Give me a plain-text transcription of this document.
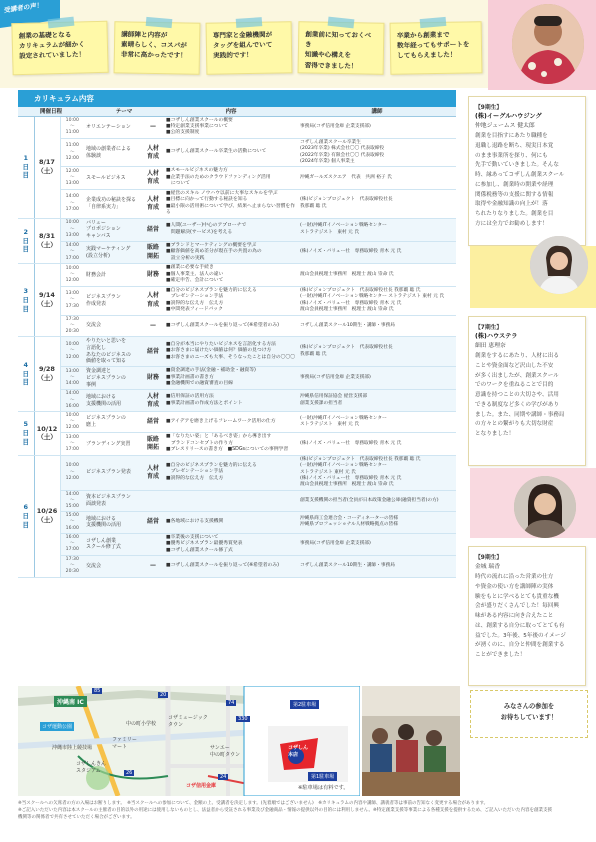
受講者の声！
創業の基礎となる
カリキュラムが細かく
設定されていました！
講師陣と内容が
素晴らしく、コスパが
非常に高かったです！
専門家と金融機関が
タッグを組んでいて
実践的です！
創業前に知っておくべき
知識や心構えを
習得できました！
卒業から創業まで
数年経ってもサポートを
してもらえました！
【9期生】
(株)イーグルハウジング
仲地ジェームス 健太郎
創業を目指すにあたり職種を
退職し退路を断ち、現実日本覚
のまま事業所を探り、何にも
先手で動いていきました。そんな
時、縁あってコザしん創業スクール
に参加し、創業時の開業や経理
関係税務等の支援に関する情報
取得や金融知識の向上が！落
ちれたりなりました。創業を目
方には全力でお勧めします！
【7期生】
(株)ハウステラ
細田 恵理奈
創業をするにあたり、人材に出る
ことや資金面など沢山した不安
が多く出ましたが、創業スクール
でのワークを重ねることで目的
意識を持つことの大切さや、活用
できる制度など多くの学びがあり
ました。また、同期や講師・事務局
の方々との繋がりも大切な財産
となりました！
【9期生】
金城 瑞香
時代の流れに沿った営業の仕方
や資金の使い方を講師陣の実体
験をもとに学べるとても貴重な機
会が盛りだくさんでした！毎回興
味がある内容に向き合えたこと
は、創業する自分に取ってとても有
益でした。3年後、5年後のイメージ
が湧くのに、自分と仲間を創業する
ことができました！
カリキュラム内容
開催日程			テーマ		内容	講師
1
日
目	8/17
（土）	10:00
〜
11:00	オリエンテーション	—	■コザしん創業スクールの概要
■特定創業支援事業について
■公的支援制度	事務局(コザ信用金庫 企業支援部)
		11:00
〜
12:00	地域の創業者による
体験談	人材
育成	■コザしん創業スクール卒業生の活動について	コザしん創業スクール卒業生
(2023年卒業) 株式会社〇〇 代表取締役
(2022年卒業) 有限会社〇〇 代表取締役
(2024年卒業) 個人事業主
		12:00
〜
13:00	スモールビジネス	人材
育成	■スモールビジネスの魅力方
■企業手法のためのクラウドファンディング活用
　について	沖縄ガールズスクエア　代表　共洲 裕子 氏
		14:00
〜
17:00	企業成功の秘訣を探る
「自律系実力」	人材
育成	■経営のスキル ノウハウ以前に大事なスキルを学ぶ
■目標に向かって行動する秘訣を知る
■最小限の活用術について学び、結果へ止まらない習慣を作る	(株)ビジョンプロジェクト　代表取締役社長
我那覇 聡 氏
2
日
目	8/31
（土）	10:00
〜
13:00	バリュー
プロポジション
キャンバス	経営	■人間(ユーザー)中心のアプローチで
　問題解決(サービス)を考える	(一財)沖縄ITイノベーション戦略センター
ストラテジスト　東村 元 氏
		14:00
〜
17:00	実践マーケティング
(設立分析)	販路
開拓	■ブランドとマーケティングの概要を学ぶ
■顧客価値を高め差分が現在手の共置の為の
　設立分析の実践	(株)ノイズ・バリュー社　専務取締役 青木 元 氏
3
日
目	9/14
（土）	10:00
〜
12:00	財務会計	財務	■創業に必要な手続き
■個人事業主、法人の違い
■確定申告、会計について	渡山会員税理士事務所　税理士 渡山 崇命 氏
		13:00
〜
17:30	ビジネスプラン
作成発表	人材
育成	■自分のビジネスプランを魅力的に伝える
　プレゼンテーション手法
■説得的な伝え方　伝え方
■中間発表フィードバック	(株)ビジョンプロジェクト　代表取締役社長 我那覇 聡 氏
(一財)沖縄ITイノベーション戦略センター ストラテジスト 東村 元 氏
(株)ノイズ・バリュー社　専務取締役 青木 元 氏
渡山会員税理士事務所　税理士 渡山 崇命 氏
		17:30
〜
20:30	交流会	—	■コザしん創業スクールを振り返って(※希望者のみ)	コザしん創業スクール10期生・講師・事務局
4
日
目	9/28
（土）	10:00
〜
12:00	やりたいと思いを
言語化し
あなたのビジネスの
価値を取って知る	経営	■自分が本当にやりたいビジネスを言語化する方法
■お客さまに届けたい価値は何？価値の見つけ方
■お客さまのニーズも大事、そうなったことは自分の〇〇〇	(株)ビジョンプロジェクト　代表取締役社長
我那覇 聡 氏
		13:00
〜
14:00	資金調達と
ビジネスプランの
事例	財務	■資金調達の手法(金融・補助金・融資等)
■事業計画書の書き方
■金融機関での融資審査の目線	事務局(コザ信用金庫 企業支援部)
		14:00
〜
16:00	地域における
支援機関の活用	人材
育成	■信用保証の活用方法
■事業計画書の作成方法とポイント	沖縄県信用保証協会 経営支援部
創業支援課の担当者
5
日
目	10/12
（土）	10:00
〜
12:00	ビジネスプランの
磨上	経営	■アイデアを磨き上げるフレームワーク活用の仕方	(一財)沖縄ITイノベーション戦略センター
ストラテジスト　東村 元 氏
		13:00
〜
17:00	ブランディング実習	販路
開拓	■「なりたい姿」と「あるべき姿」から導き出す
　ブランドコンセプトの作り方
■ブレスリリースの書き方　■SDGsについての事例学習	(株)ノイズ・バリュー社　専務取締役 青木 元 氏
6
日
目	10/26
（土）	10:00
〜
12:00	ビジネスプラン発表	人材
育成	■自分のビジネスプランを魅力的に伝える
　プレゼンテーション手法
■説得的な伝え方　伝え方	(株)ビジョンプロジェクト　代表取締役社長 我那覇 聡 氏
(一財)沖縄ITイノベーション戦略センター
ストラテジスト 東村 元 氏
(株)ノイズ・バリュー社　専務取締役 青木 元 氏
渡山会員税理士事務所　税理士 渡山 崇命 氏
		14:00
〜
15:00	資本ビジネスプラン
面談発表			創業支援機関の担当者(全員が日本政策金融公庫(融資担当者)の方)
		15:00
〜
16:00	地域における
支援機関の活用	経営	■各地域における支援機関	沖縄県商工会連合会・コーディネーターの皆様
沖縄県プロフェッショナル人材戦略拠点の皆様
		16:00
〜
17:00	コザしん創業
スクール修了式		■卒業後の支援について
■優秀ビジネスプラン最優秀賞発表
■コザしん創業スクール修了式	事務局(コザ信用金庫 企業支援部)
		17:30
〜
20:30	交流会	—	■コザしん創業スクールを振り返って(※希望者のみ)	コザしん創業スクール10期生・講師・事務局
沖縄南 IC
コザ運動公園
沖縄市陸上競技場
コザしんきん
スタジアム
中の町小学校
ファミリー
マート
コザミュージック
タウン
サンエー
中の町タウン
コザ信用金庫
330
85
20
74
26
24
第2駐車場
第1駐車場
コザしん
本店
みなさんの参加を
お待ちしています！
※駐車場は有料です。
※当スクールへの欠席者の方の入場はお断りします。　※当スクールへの参加について、金額の上、受講者を決定します。(先着順ではございません)　※カリキュラムの内容や講師、講義者等は事前の告知なく変更する場合があります。
※ご記入いただいた内容は本スクールの主催者の目的以外の用途には使用しないものとし、法益者から受託される事業及び金融商品・情報の提供以外の目的には利用しません。※特定創業支援等事業による各種支援を提供するため、ご記入いただいた内容を創業支援
機関等の関係者で共有させていただく場合がございます。
